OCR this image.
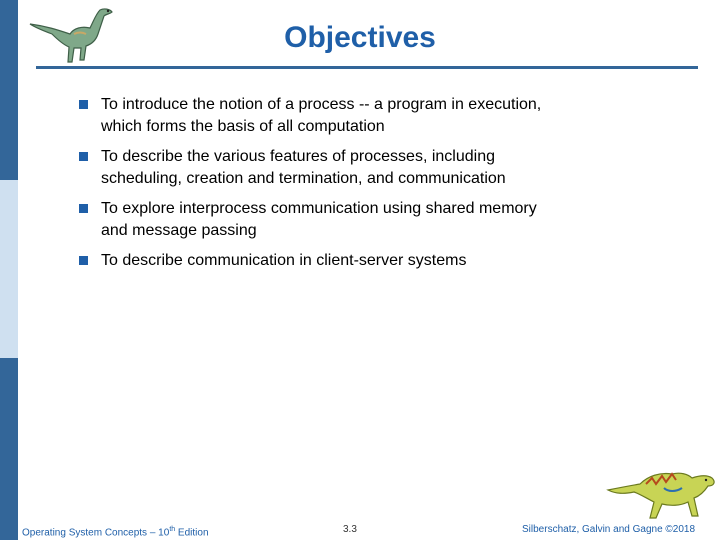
Objectives
To introduce the notion of a process -- a program in execution,
which forms the basis of all computation
To describe the various features of processes, including
scheduling, creation and termination, and communication
To explore interprocess communication using shared memory
and message passing
To describe communication in client-server systems
Operating System Concepts – 10th Edition	3.3	Silberschatz, Galvin and Gagne ©2018
